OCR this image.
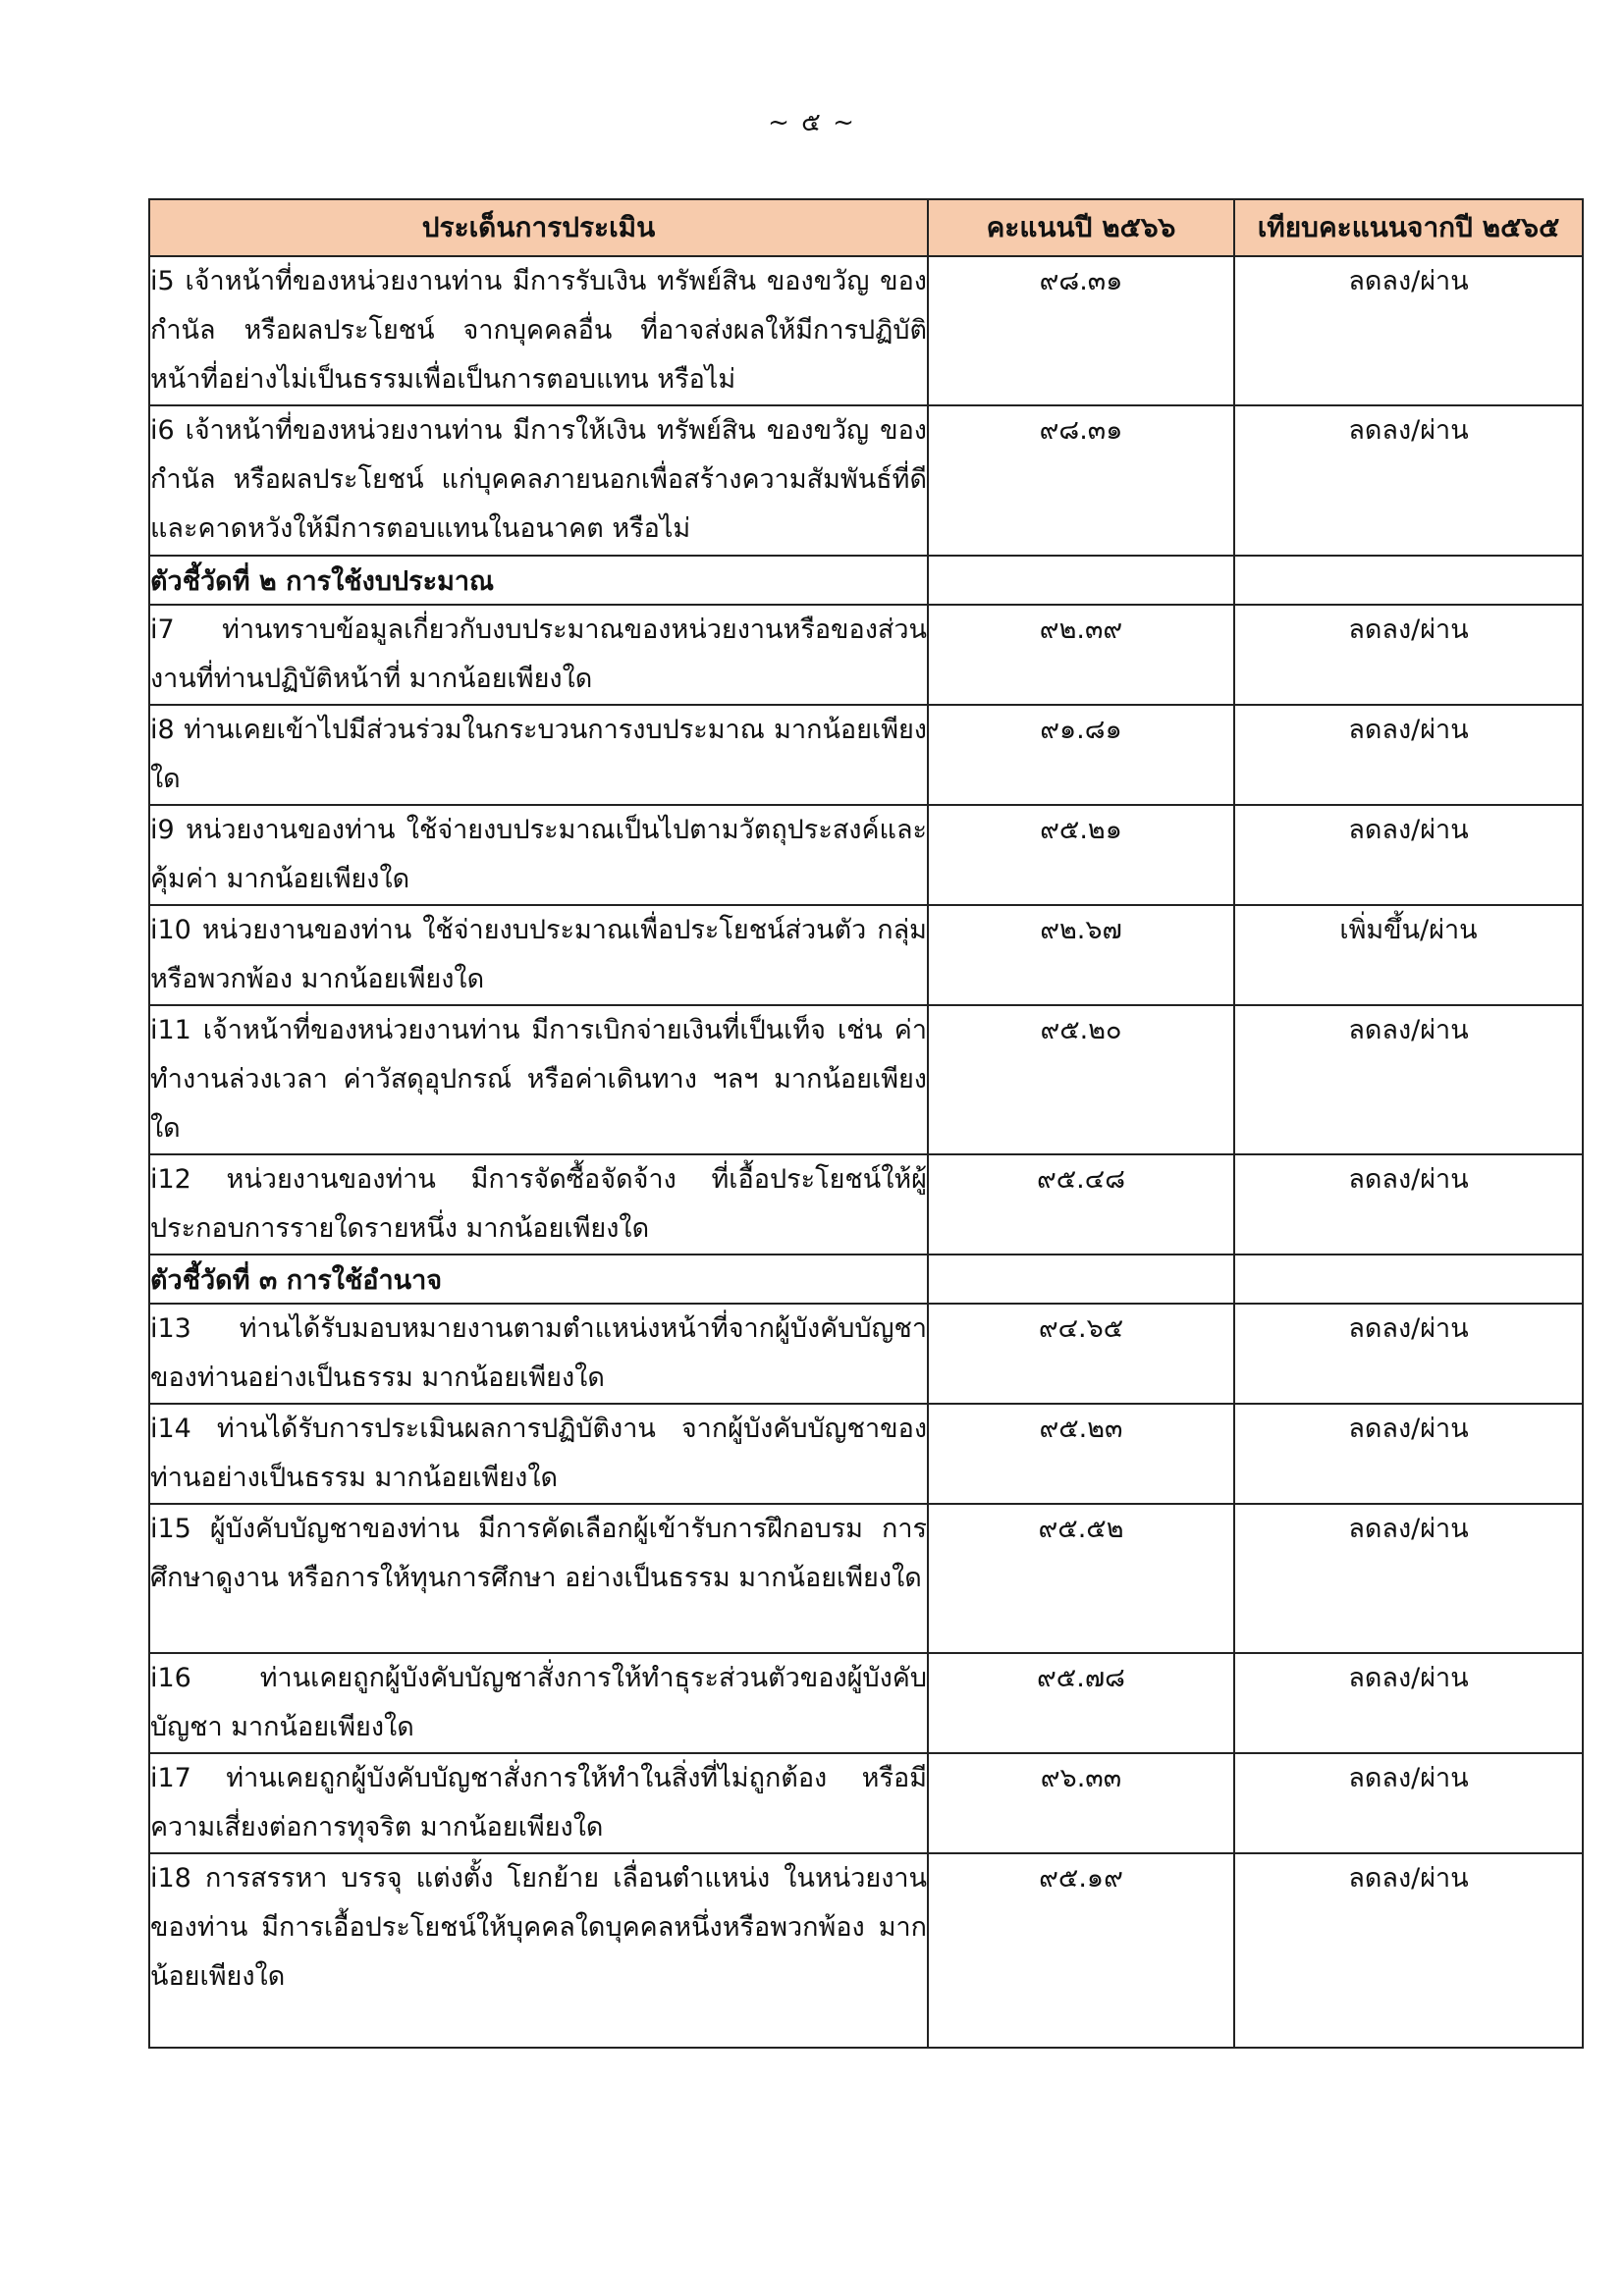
~ ๕ ~
ประเด็นการประเมิน	คะแนนปี ๒๕๖๖	เทียบคะแนนจากปี ๒๕๖๕
i5 เจ้าหน้าที่ของหน่วยงานท่าน มีการรับเงิน ทรัพย์สิน ของขวัญ ของกำนัล หรือผลประโยชน์ จากบุคคลอื่น ที่อาจส่งผลให้มีการปฏิบัติหน้าที่อย่างไม่เป็นธรรมเพื่อเป็นการตอบแทน หรือไม่	๙๘.๓๑	ลดลง/ผ่าน
i6 เจ้าหน้าที่ของหน่วยงานท่าน มีการให้เงิน ทรัพย์สิน ของขวัญ ของกำนัล หรือผลประโยชน์ แก่บุคคลภายนอกเพื่อสร้างความสัมพันธ์ที่ดีและคาดหวังให้มีการตอบแทนในอนาคต หรือไม่	๙๘.๓๑	ลดลง/ผ่าน
ตัวชี้วัดที่ ๒ การใช้งบประมาณ		
i7 ท่านทราบข้อมูลเกี่ยวกับงบประมาณของหน่วยงานหรือของส่วนงานที่ท่านปฏิบัติหน้าที่ มากน้อยเพียงใด	๙๒.๓๙	ลดลง/ผ่าน
i8 ท่านเคยเข้าไปมีส่วนร่วมในกระบวนการงบประมาณ มากน้อยเพียงใด	๙๑.๘๑	ลดลง/ผ่าน
i9 หน่วยงานของท่าน ใช้จ่ายงบประมาณเป็นไปตามวัตถุประสงค์และคุ้มค่า มากน้อยเพียงใด	๙๕.๒๑	ลดลง/ผ่าน
i10 หน่วยงานของท่าน ใช้จ่ายงบประมาณเพื่อประโยชน์ส่วนตัว กลุ่ม หรือพวกพ้อง มากน้อยเพียงใด	๙๒.๖๗	เพิ่มขึ้น/ผ่าน
i11 เจ้าหน้าที่ของหน่วยงานท่าน มีการเบิกจ่ายเงินที่เป็นเท็จ เช่น ค่าทำงานล่วงเวลา ค่าวัสดุอุปกรณ์ หรือค่าเดินทาง ฯลฯ มากน้อยเพียงใด	๙๕.๒๐	ลดลง/ผ่าน
i12 หน่วยงานของท่าน มีการจัดซื้อจัดจ้าง ที่เอื้อประโยชน์ให้ผู้ประกอบการรายใดรายหนึ่ง มากน้อยเพียงใด	๙๕.๔๘	ลดลง/ผ่าน
ตัวชี้วัดที่ ๓ การใช้อำนาจ		
i13 ท่านได้รับมอบหมายงานตามตำแหน่งหน้าที่จากผู้บังคับบัญชาของท่านอย่างเป็นธรรม มากน้อยเพียงใด	๙๔.๖๕	ลดลง/ผ่าน
i14 ท่านได้รับการประเมินผลการปฏิบัติงาน จากผู้บังคับบัญชาของท่านอย่างเป็นธรรม มากน้อยเพียงใด	๙๕.๒๓	ลดลง/ผ่าน
i15 ผู้บังคับบัญชาของท่าน มีการคัดเลือกผู้เข้ารับการฝึกอบรม การศึกษาดูงาน หรือการให้ทุนการศึกษา อย่างเป็นธรรม มากน้อยเพียงใด	๙๕.๕๒	ลดลง/ผ่าน
i16 ท่านเคยถูกผู้บังคับบัญชาสั่งการให้ทำธุระส่วนตัวของผู้บังคับบัญชา มากน้อยเพียงใด	๙๕.๗๘	ลดลง/ผ่าน
i17 ท่านเคยถูกผู้บังคับบัญชาสั่งการให้ทำในสิ่งที่ไม่ถูกต้อง หรือมีความเสี่ยงต่อการทุจริต มากน้อยเพียงใด	๙๖.๓๓	ลดลง/ผ่าน
i18 การสรรหา บรรจุ แต่งตั้ง โยกย้าย เลื่อนตำแหน่ง ในหน่วยงานของท่าน มีการเอื้อประโยชน์ให้บุคคลใดบุคคลหนึ่งหรือพวกพ้อง มากน้อยเพียงใด	๙๕.๑๙	ลดลง/ผ่าน
